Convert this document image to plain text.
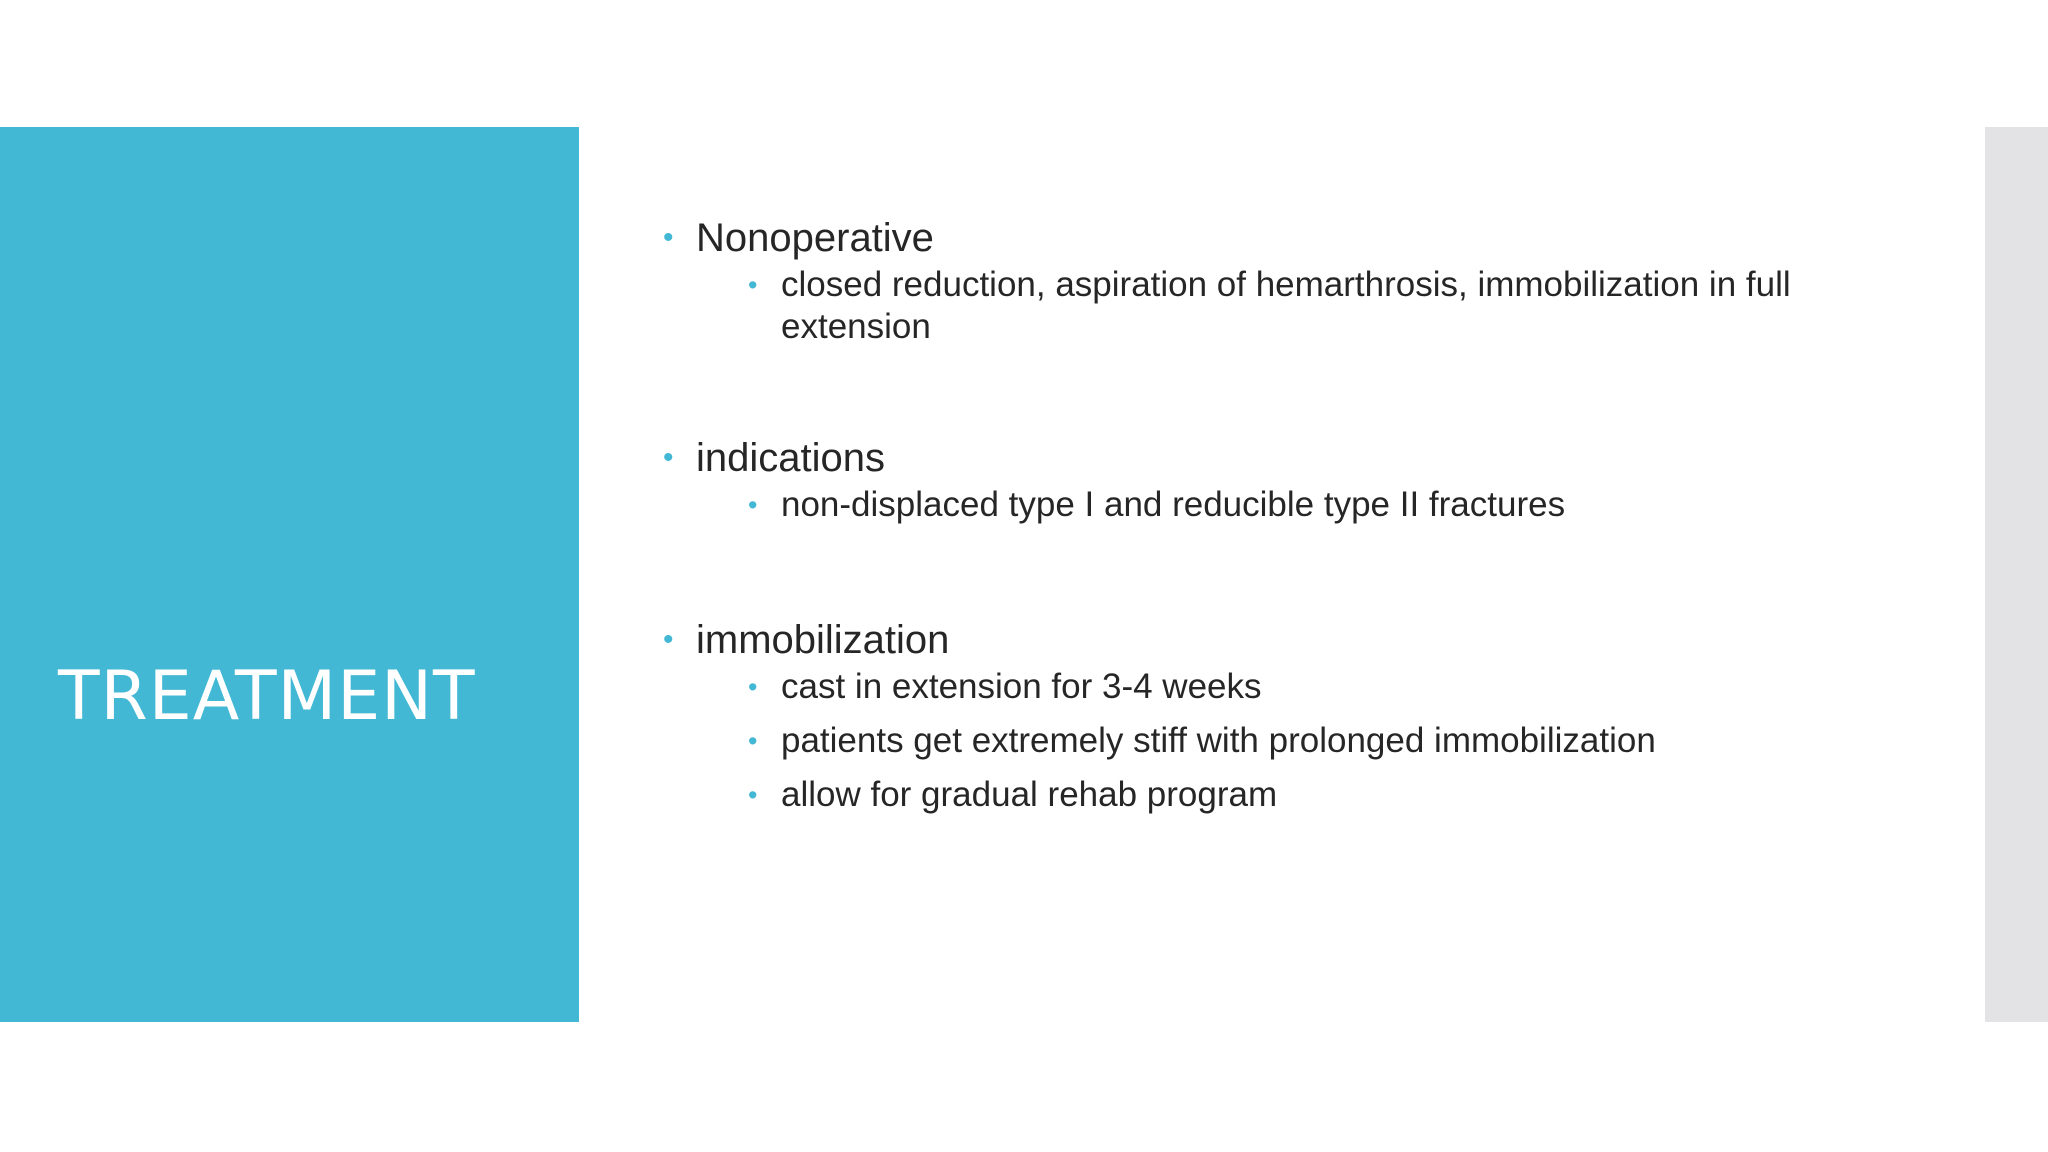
TREATMENT

• Nonoperative

• closed reduction, aspiration of hemarthrosis, immobilization in full extension

• indications

• non-displaced type I and reducible type II fractures

• immobilization

• cast in extension for 3-4 weeks

• patients get extremely stiff with prolonged immobilization

• allow for gradual rehab program
